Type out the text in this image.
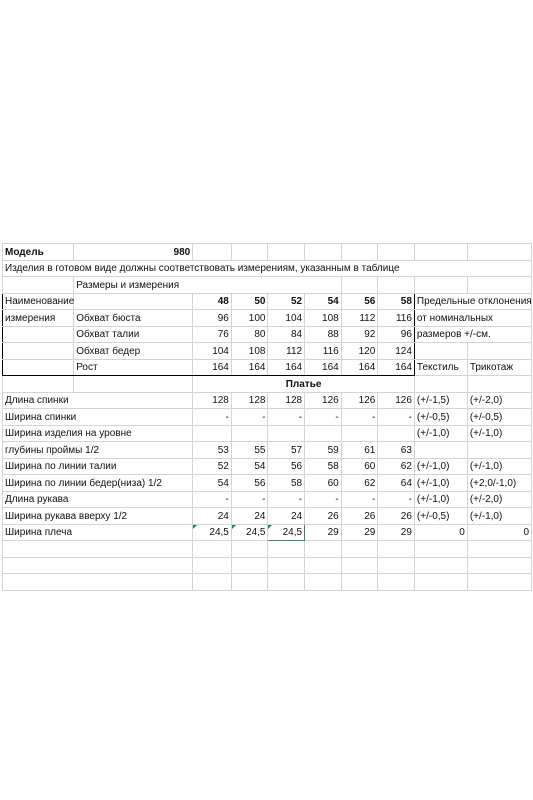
Модель	980								
Изделия в готовом виде должны соответствовать измерениям, указанным в таблице									
	Размеры и измерения								
Наименование		48	50	52	54	56	58	Предельные отклонения	
измерения	Обхват бюста	96	100	104	108	112	116	от номинальных	
	Обхват талии	76	80	84	88	92	96	размеров +/-см.	
	Обхват бедер	104	108	112	116	120	124		
	Рост	164	164	164	164	164	164	Текстиль	Трикотаж
		Платье							
Длина спинки		128	128	128	126	126	126	(+/-1,5)	(+/-2,0)
Ширина спинки		-	-	-	-	-	-	(+/-0,5)	(+/-0,5)
Ширина изделия на уровне								(+/-1,0)	(+/-1,0)
глубины проймы 1/2		53	55	57	59	61	63		
Ширина по линии талии		52	54	56	58	60	62	(+/-1,0)	(+/-1,0)
Ширина по линии бедер(низа) 1/2		54	56	58	60	62	64	(+/-1,0)	(+2,0/-1,0)
Длина рукава		-	-	-	-	-	-	(+/-1,0)	(+/-2,0)
Ширина рукава вверху 1/2		24	24	24	26	26	26	(+/-0,5)	(+/-1,0)
Ширина плеча		24,5	24,5	24,5	29	29	29	0	0
